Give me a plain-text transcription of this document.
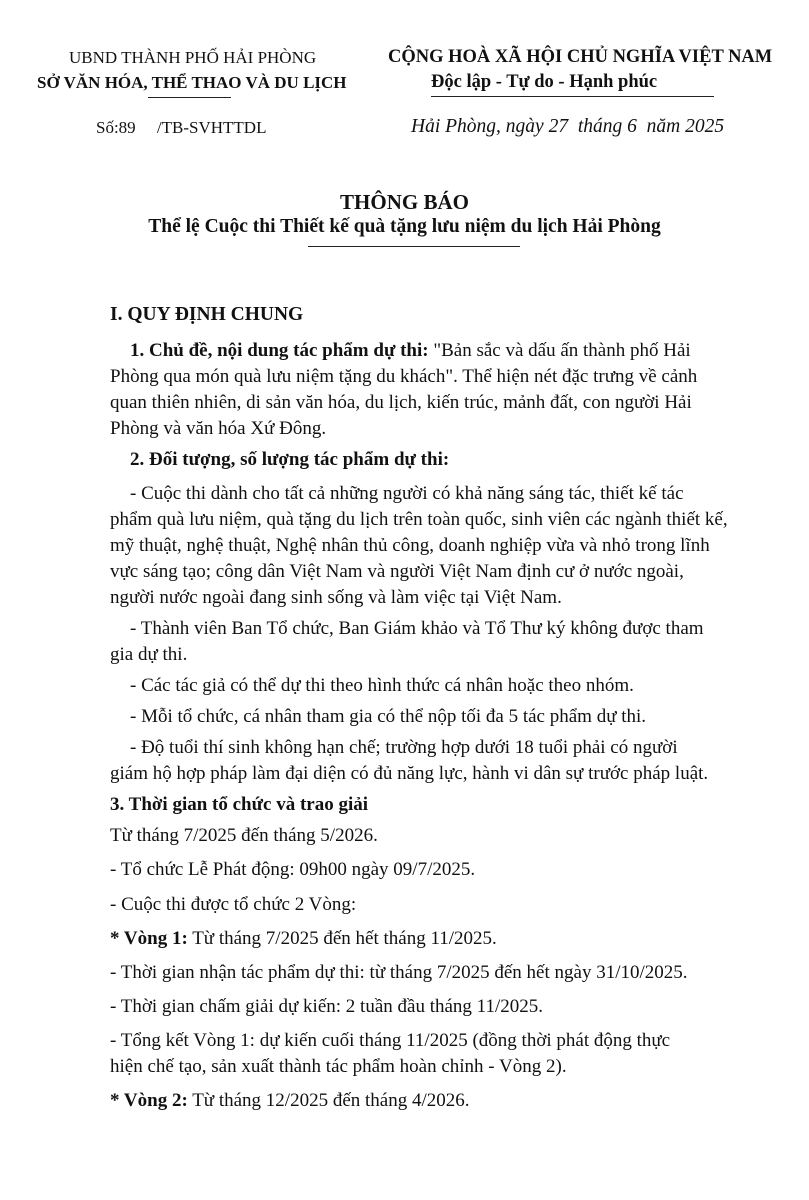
UBND THÀNH PHỐ HẢI PHÒNG
SỞ VĂN HÓA, THỂ THAO VÀ DU LỊCH
CỘNG HOÀ XÃ HỘI CHỦ NGHĨA VIỆT NAM
Độc lập - Tự do - Hạnh phúc
Số:89     /TB-SVHTTDL	Hải Phòng, ngày 27  tháng 6  năm 2025
THÔNG BÁO
Thể lệ Cuộc thi Thiết kế quà tặng lưu niệm du lịch Hải Phòng
I. QUY ĐỊNH CHUNG
1. Chủ đề, nội dung tác phẩm dự thi: "Bản sắc và dấu ấn thành phố Hải
Phòng qua món quà lưu niệm tặng du khách". Thể hiện nét đặc trưng về cảnh
quan thiên nhiên, di sản văn hóa, du lịch, kiến trúc, mảnh đất, con người Hải
Phòng và văn hóa Xứ Đông.
2. Đối tượng, số lượng tác phẩm dự thi:
- Cuộc thi dành cho tất cả những người có khả năng sáng tác, thiết kế tác
phẩm quà lưu niệm, quà tặng du lịch trên toàn quốc, sinh viên các ngành thiết kế,
mỹ thuật, nghệ thuật, Nghệ nhân thủ công, doanh nghiệp vừa và nhỏ trong lĩnh
vực sáng tạo; công dân Việt Nam và người Việt Nam định cư ở nước ngoài,
người nước ngoài đang sinh sống và làm việc tại Việt Nam.
- Thành viên Ban Tổ chức, Ban Giám khảo và Tổ Thư ký không được tham
gia dự thi.
- Các tác giả có thể dự thi theo hình thức cá nhân hoặc theo nhóm.
- Mỗi tổ chức, cá nhân tham gia có thể nộp tối đa 5 tác phẩm dự thi.
- Độ tuổi thí sinh không hạn chế; trường hợp dưới 18 tuổi phải có người
giám hộ hợp pháp làm đại diện có đủ năng lực, hành vi dân sự trước pháp luật.
3. Thời gian tổ chức và trao giải
Từ tháng 7/2025 đến tháng 5/2026.
- Tổ chức Lễ Phát động: 09h00 ngày 09/7/2025.
- Cuộc thi được tổ chức 2 Vòng:
* Vòng 1: Từ tháng 7/2025 đến hết tháng 11/2025.
- Thời gian nhận tác phẩm dự thi: từ tháng 7/2025 đến hết ngày 31/10/2025.
- Thời gian chấm giải dự kiến: 2 tuần đầu tháng 11/2025.
- Tổng kết Vòng 1: dự kiến cuối tháng 11/2025 (đồng thời phát động thực
hiện chế tạo, sản xuất thành tác phẩm hoàn chỉnh - Vòng 2).
* Vòng 2: Từ tháng 12/2025 đến tháng 4/2026.
